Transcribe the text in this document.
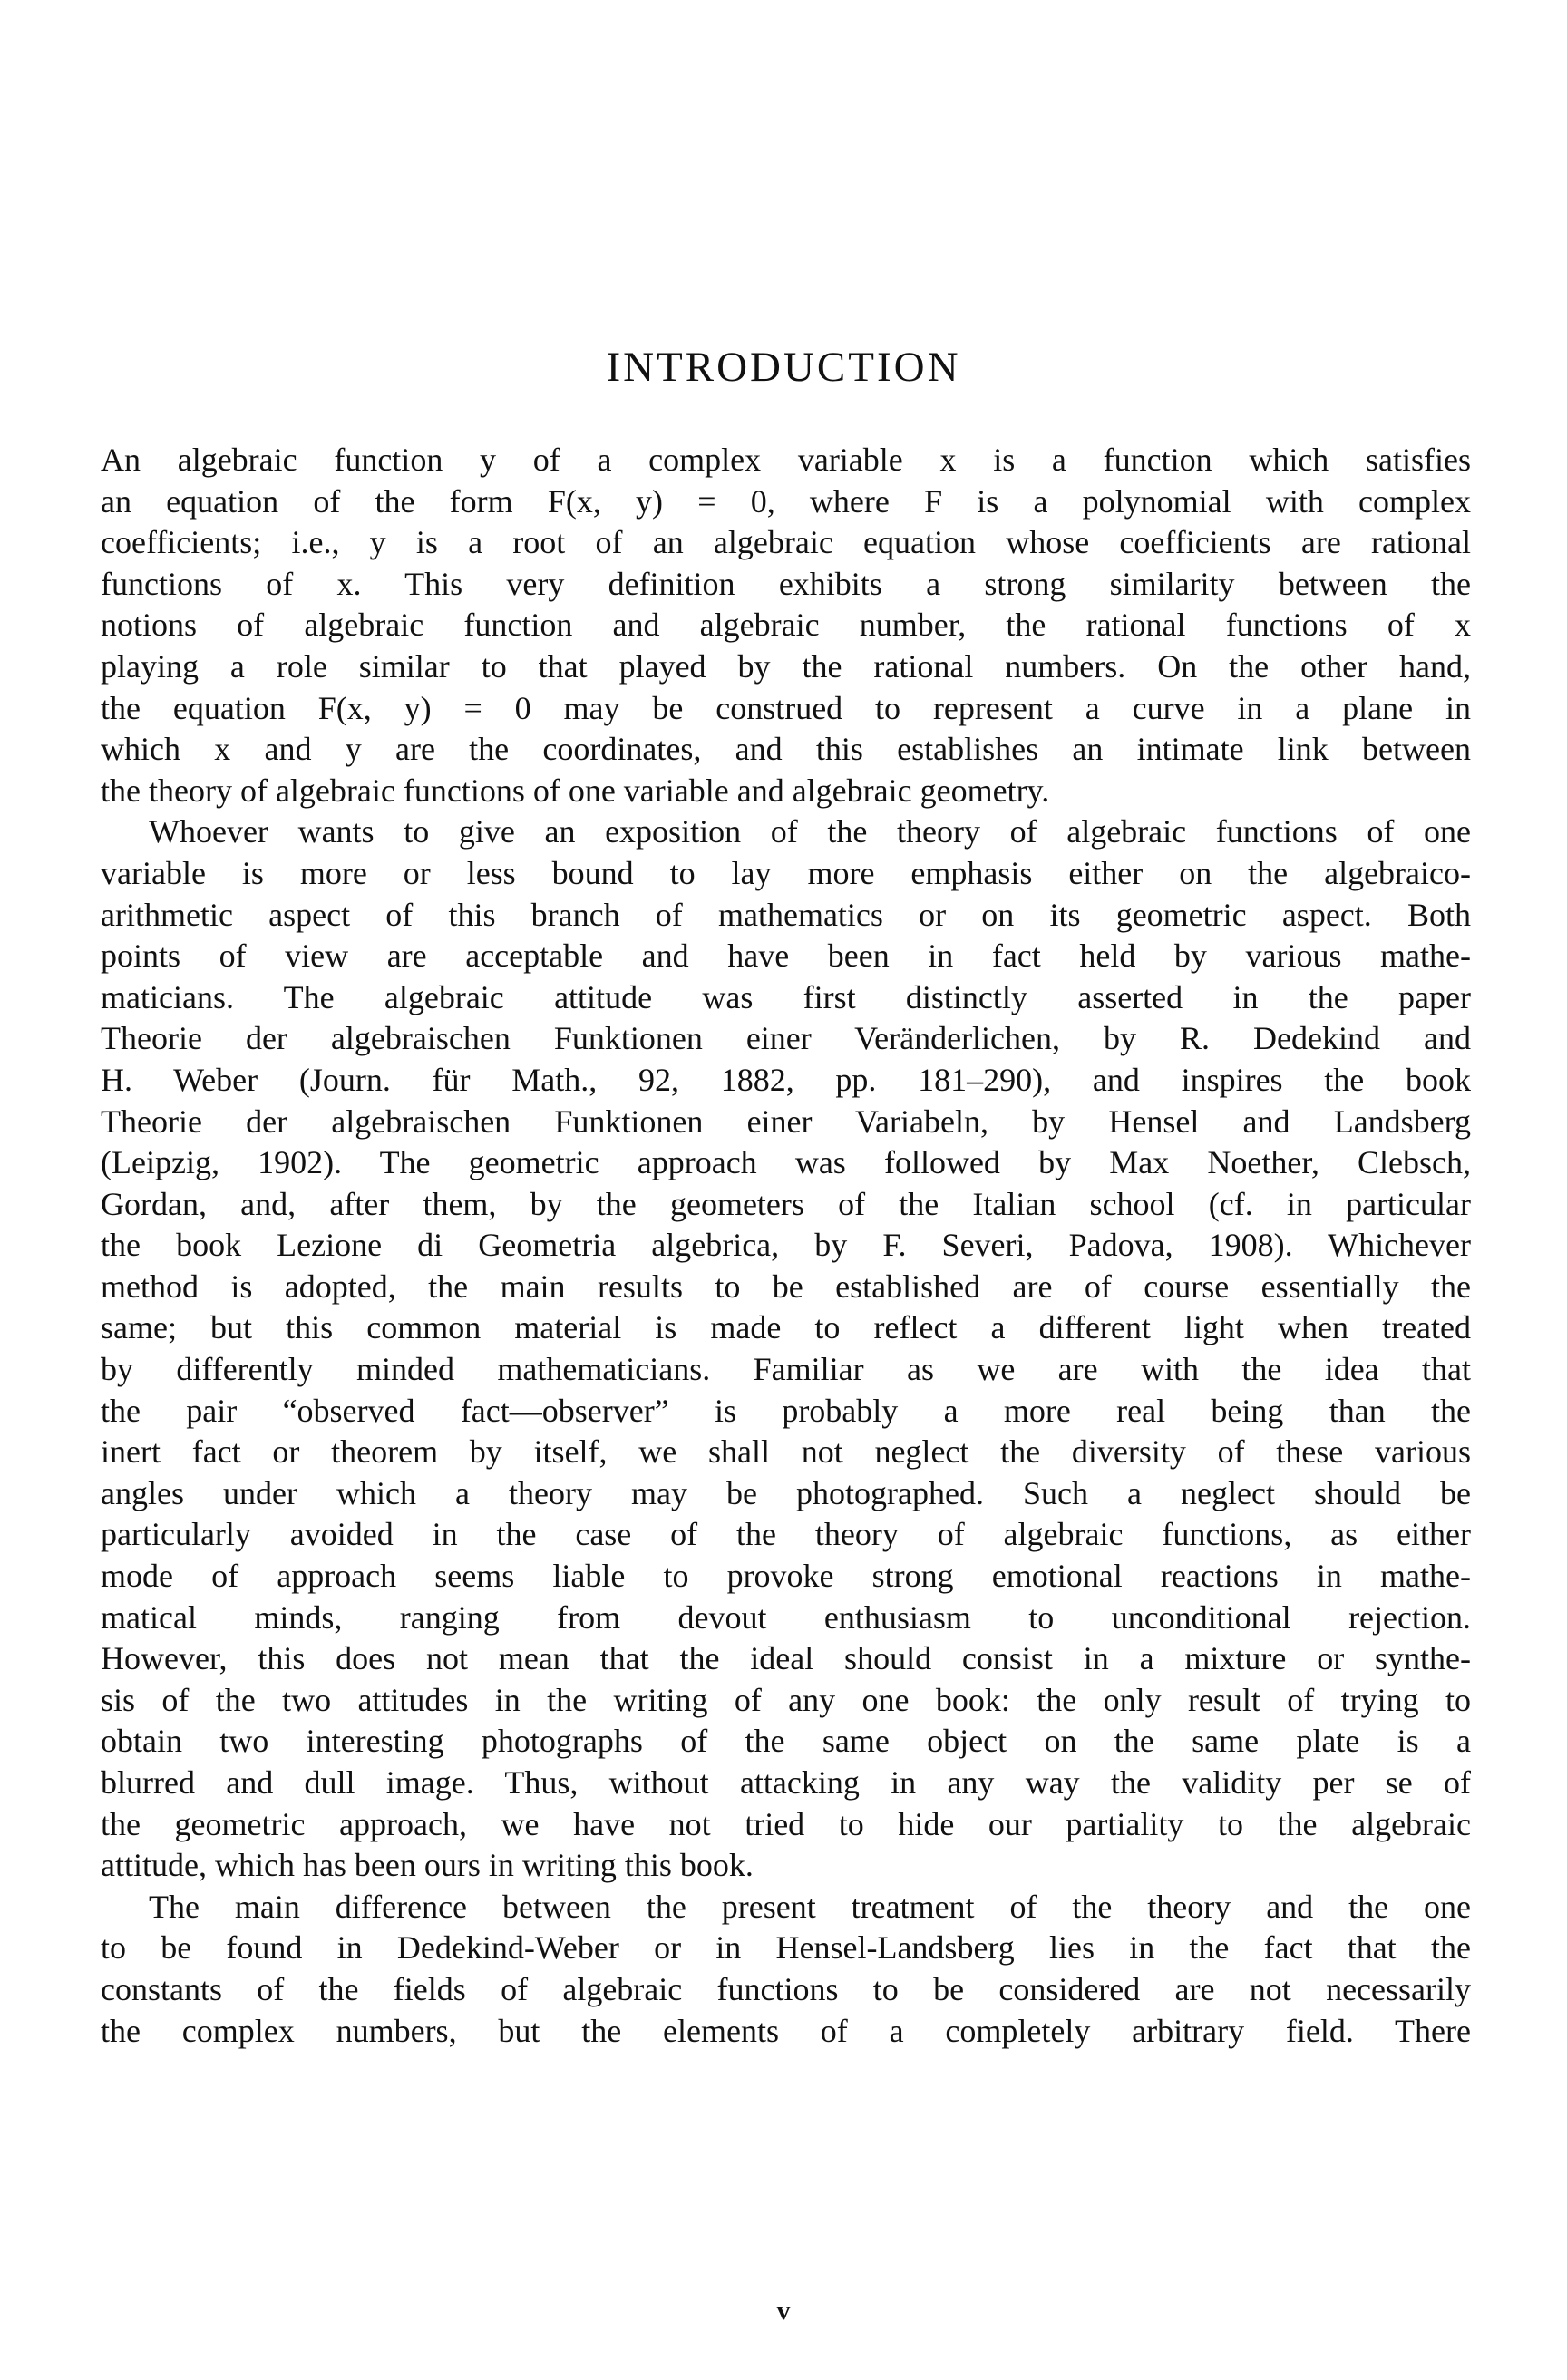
INTRODUCTION
An algebraic function y of a complex variable x is a function which satisfies
an equation of the form F(x, y) = 0, where F is a polynomial with complex
coefficients; i.e., y is a root of an algebraic equation whose coefficients are rational
functions of x. This very definition exhibits a strong similarity between the
notions of algebraic function and algebraic number, the rational functions of x
playing a role similar to that played by the rational numbers. On the other hand,
the equation F(x, y) = 0 may be construed to represent a curve in a plane in
which x and y are the coordinates, and this establishes an intimate link between
the theory of algebraic functions of one variable and algebraic geometry.
Whoever wants to give an exposition of the theory of algebraic functions of one
variable is more or less bound to lay more emphasis either on the algebraico-
arithmetic aspect of this branch of mathematics or on its geometric aspect. Both
points of view are acceptable and have been in fact held by various mathe-
maticians. The algebraic attitude was first distinctly asserted in the paper
Theorie der algebraischen Funktionen einer Veränderlichen, by R. Dedekind and
H. Weber (Journ. für Math., 92, 1882, pp. 181–290), and inspires the book
Theorie der algebraischen Funktionen einer Variabeln, by Hensel and Landsberg
(Leipzig, 1902). The geometric approach was followed by Max Noether, Clebsch,
Gordan, and, after them, by the geometers of the Italian school (cf. in particular
the book Lezione di Geometria algebrica, by F. Severi, Padova, 1908). Whichever
method is adopted, the main results to be established are of course essentially the
same; but this common material is made to reflect a different light when treated
by differently minded mathematicians. Familiar as we are with the idea that
the pair “observed fact—observer” is probably a more real being than the
inert fact or theorem by itself, we shall not neglect the diversity of these various
angles under which a theory may be photographed. Such a neglect should be
particularly avoided in the case of the theory of algebraic functions, as either
mode of approach seems liable to provoke strong emotional reactions in mathe-
matical minds, ranging from devout enthusiasm to unconditional rejection.
However, this does not mean that the ideal should consist in a mixture or synthe-
sis of the two attitudes in the writing of any one book: the only result of trying to
obtain two interesting photographs of the same object on the same plate is a
blurred and dull image. Thus, without attacking in any way the validity per se of
the geometric approach, we have not tried to hide our partiality to the algebraic
attitude, which has been ours in writing this book.
The main difference between the present treatment of the theory and the one
to be found in Dedekind-Weber or in Hensel-Landsberg lies in the fact that the
constants of the fields of algebraic functions to be considered are not necessarily
the complex numbers, but the elements of a completely arbitrary field. There
v
